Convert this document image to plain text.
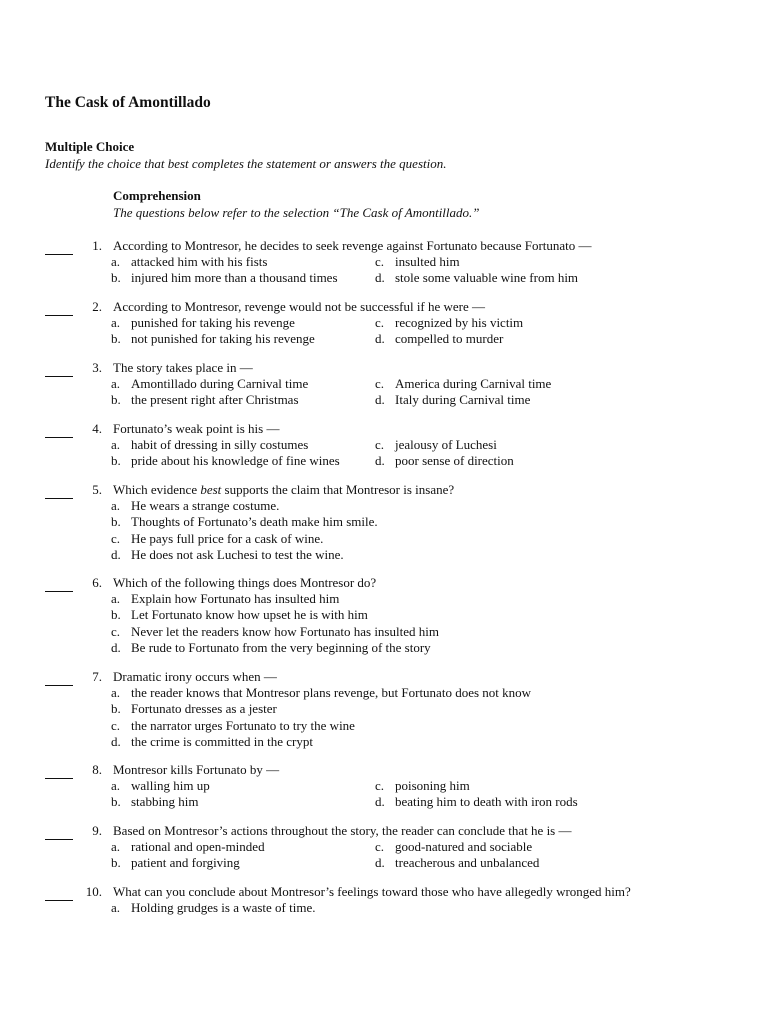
The Cask of Amontillado
Multiple Choice
Identify the choice that best completes the statement or answers the question.
Comprehension
The questions below refer to the selection “The Cask of Amontillado.”
1. According to Montresor, he decides to seek revenge against Fortunato because Fortunato —
a. attacked him with his fists
b. injured him more than a thousand times
c. insulted him
d. stole some valuable wine from him
2. According to Montresor, revenge would not be successful if he were —
a. punished for taking his revenge
b. not punished for taking his revenge
c. recognized by his victim
d. compelled to murder
3. The story takes place in —
a. Amontillado during Carnival time
b. the present right after Christmas
c. America during Carnival time
d. Italy during Carnival time
4. Fortunato’s weak point is his —
a. habit of dressing in silly costumes
b. pride about his knowledge of fine wines
c. jealousy of Luchesi
d. poor sense of direction
5. Which evidence best supports the claim that Montresor is insane?
a. He wears a strange costume.
b. Thoughts of Fortunato’s death make him smile.
c. He pays full price for a cask of wine.
d. He does not ask Luchesi to test the wine.
6. Which of the following things does Montresor do?
a. Explain how Fortunato has insulted him
b. Let Fortunato know how upset he is with him
c. Never let the readers know how Fortunato has insulted him
d. Be rude to Fortunato from the very beginning of the story
7. Dramatic irony occurs when —
a. the reader knows that Montresor plans revenge, but Fortunato does not know
b. Fortunato dresses as a jester
c. the narrator urges Fortunato to try the wine
d. the crime is committed in the crypt
8. Montresor kills Fortunato by —
a. walling him up
b. stabbing him
c. poisoning him
d. beating him to death with iron rods
9. Based on Montresor’s actions throughout the story, the reader can conclude that he is —
a. rational and open-minded
b. patient and forgiving
c. good-natured and sociable
d. treacherous and unbalanced
10. What can you conclude about Montresor’s feelings toward those who have allegedly wronged him?
a. Holding grudges is a waste of time.
